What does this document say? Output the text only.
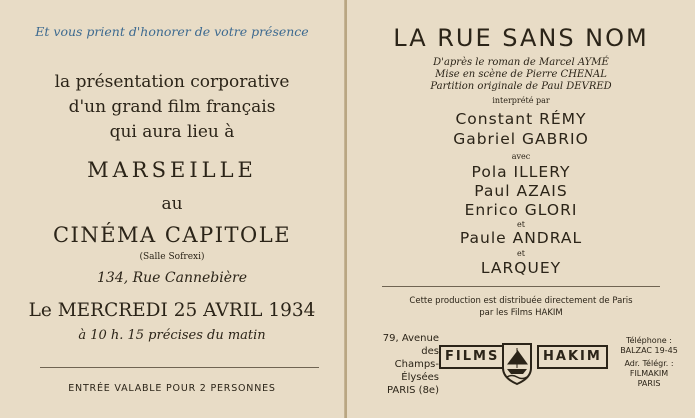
Et vous prient d'honorer de votre présence
la présentation corporative
d'un grand film français
qui aura lieu à
MARSEILLE
au
CINÉMA CAPITOLE
(Salle Sofrexi)
134, Rue Cannebière
Le MERCREDI 25 AVRIL 1934
à 10 h. 15 précises du matin
ENTRÉE VALABLE POUR 2 PERSONNES
LA RUE SANS NOM
D'après le roman de Marcel AYMÉ
Mise en scène de Pierre CHENAL
Partition originale de Paul DEVRED
interprété par
Constant RÉMY
Gabriel GABRIO
avec
Pola ILLERY
Paul AZAIS
Enrico GLORI
et
Paule ANDRAL
et
LARQUEY
Cette production est distribuée directement de Paris
par les Films HAKIM
79, Avenue
des Champs-
Élysées
PARIS (8e)
FILMS	HAKIM
Téléphone :
BALZAC 19-45
Adr. Télégr. :
FILMAKIM
PARIS
